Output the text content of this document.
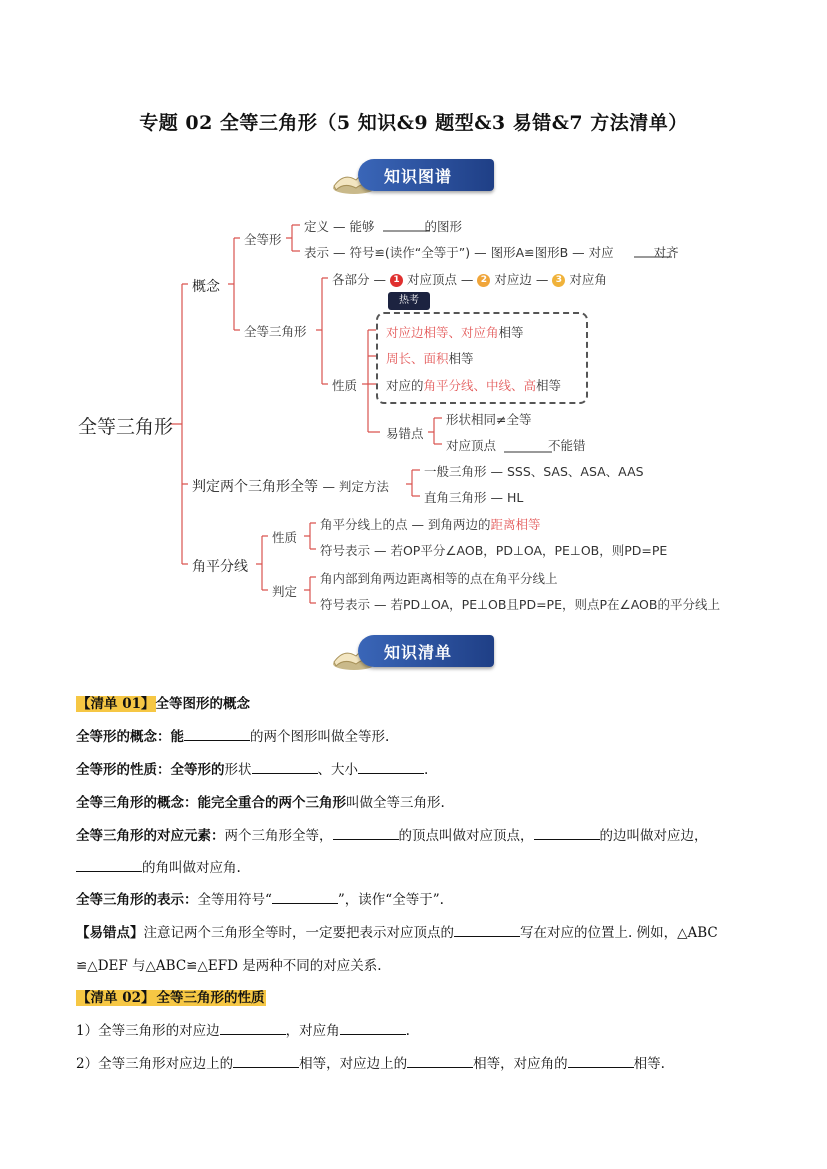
专题 02 全等三角形（5 知识&9 题型&3 易错&7 方法清单）
知识图谱
全等三角形
概念
全等形
定义 — 能够	的图形
表示 — 符号≌(读作“全等于”) — 图形A≌图形B — 对应	对齐
全等三角形
各部分 — 1 对应顶点 — 2 对应边 — 3 对应角
热考
性质
对应边相等、对应角相等
周长、面积相等
对应的角平分线、中线、高相等
易错点
形状相同≠全等
对应顶点	不能错
判定两个三角形全等 — 判定方法
一般三角形 — SSS、SAS、ASA、AAS
直角三角形 — HL
角平分线
性质
角平分线上的点 — 到角两边的距离相等
符号表示 — 若OP平分∠AOB，PD⊥OA，PE⊥OB，则PD=PE
判定
角内部到角两边距离相等的点在角平分线上
符号表示 — 若PD⊥OA，PE⊥OB且PD=PE，则点P在∠AOB的平分线上
知识清单
【清单 01】全等图形的概念
全等形的概念：能	的两个图形叫做全等形.
全等形的性质：全等形的形状	、大小	.
全等三角形的概念：能完全重合的两个三角形叫做全等三角形.
全等三角形的对应元素：两个三角形全等，	的顶点叫做对应顶点，	的边叫做对应边，
的角叫做对应角.
全等三角形的表示：全等用符号“	”，读作“全等于”.
【易错点】注意记两个三角形全等时，一定要把表示对应顶点的	写在对应的位置上. 例如，△ABC
≌△DEF 与△ABC≌△EFD 是两种不同的对应关系.
【清单 02】 全等三角形的性质
1）全等三角形的对应边	，对应角	.
2）全等三角形对应边上的	相等，对应边上的	相等，对应角的	相等.
